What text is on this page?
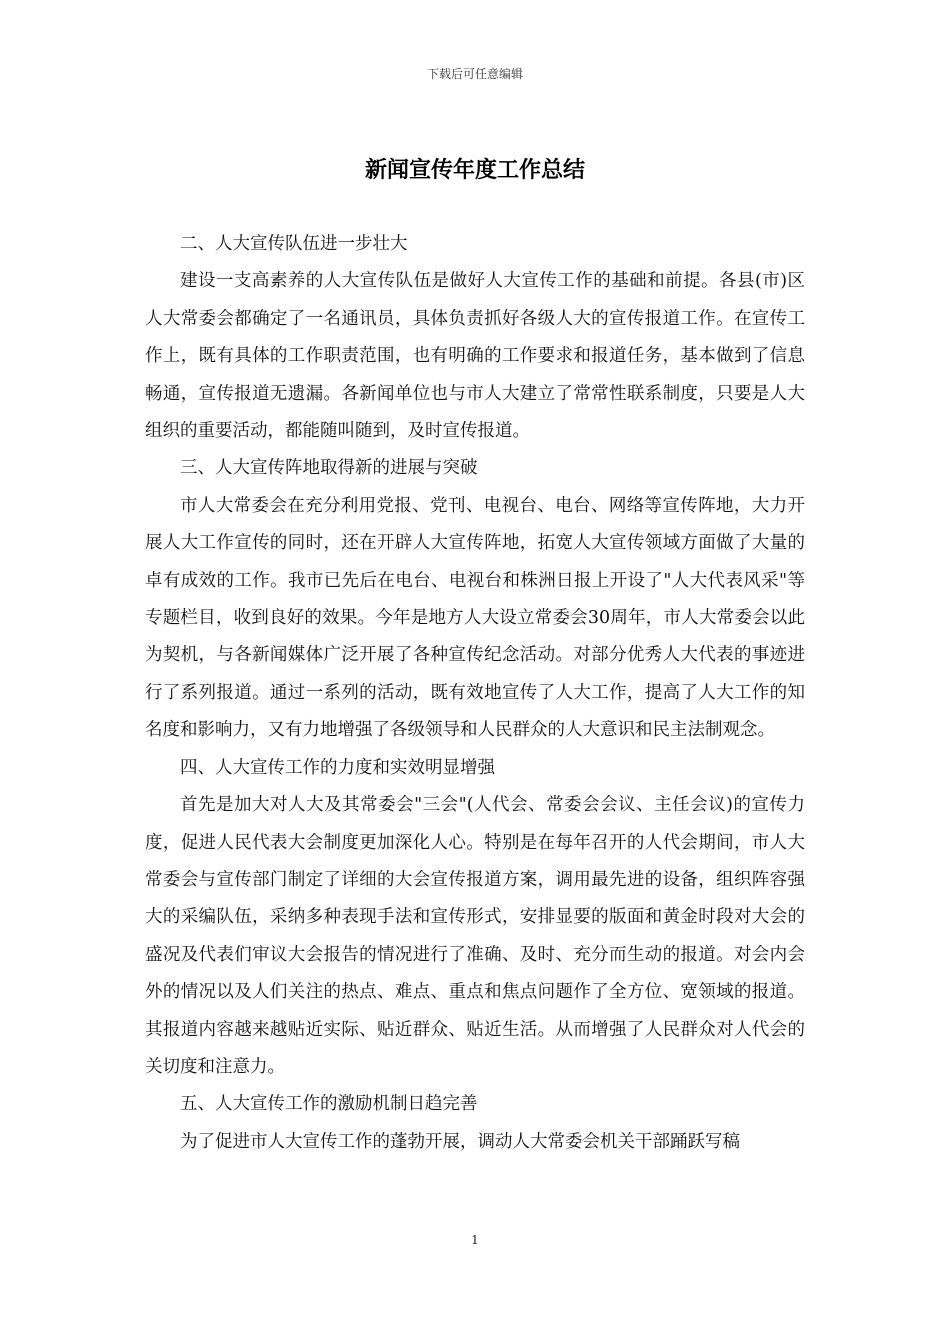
下载后可任意编辑
新闻宣传年度工作总结

二、人大宣传队伍进一步壮大

建设一支高素养的人大宣传队伍是做好人大宣传工作的基础和前提。各县(市)区人大常委会都确定了一名通讯员，具体负责抓好各级人大的宣传报道工作。在宣传工作上，既有具体的工作职责范围，也有明确的工作要求和报道任务，基本做到了信息畅通，宣传报道无遗漏。各新闻单位也与市人大建立了常常性联系制度，只要是人大组织的重要活动，都能随叫随到，及时宣传报道。

三、人大宣传阵地取得新的进展与突破

市人大常委会在充分利用党报、党刊、电视台、电台、网络等宣传阵地，大力开展人大工作宣传的同时，还在开辟人大宣传阵地，拓宽人大宣传领域方面做了大量的卓有成效的工作。我市已先后在电台、电视台和株洲日报上开设了"人大代表风采"等专题栏目，收到良好的效果。今年是地方人大设立常委会30周年，市人大常委会以此为契机，与各新闻媒体广泛开展了各种宣传纪念活动。对部分优秀人大代表的事迹进行了系列报道。通过一系列的活动，既有效地宣传了人大工作，提高了人大工作的知名度和影响力，又有力地增强了各级领导和人民群众的人大意识和民主法制观念。

四、人大宣传工作的力度和实效明显增强

首先是加大对人大及其常委会"三会"(人代会、常委会会议、主任会议)的宣传力度，促进人民代表大会制度更加深化人心。特别是在每年召开的人代会期间，市人大常委会与宣传部门制定了详细的大会宣传报道方案，调用最先进的设备，组织阵容强大的采编队伍，采纳多种表现手法和宣传形式，安排显要的版面和黄金时段对大会的盛况及代表们审议大会报告的情况进行了准确、及时、充分而生动的报道。对会内会外的情况以及人们关注的热点、难点、重点和焦点问题作了全方位、宽领域的报道。其报道内容越来越贴近实际、贴近群众、贴近生活。从而增强了人民群众对人代会的关切度和注意力。

五、人大宣传工作的激励机制日趋完善

为了促进市人大宣传工作的蓬勃开展，调动人大常委会机关干部踊跃写稿

1
